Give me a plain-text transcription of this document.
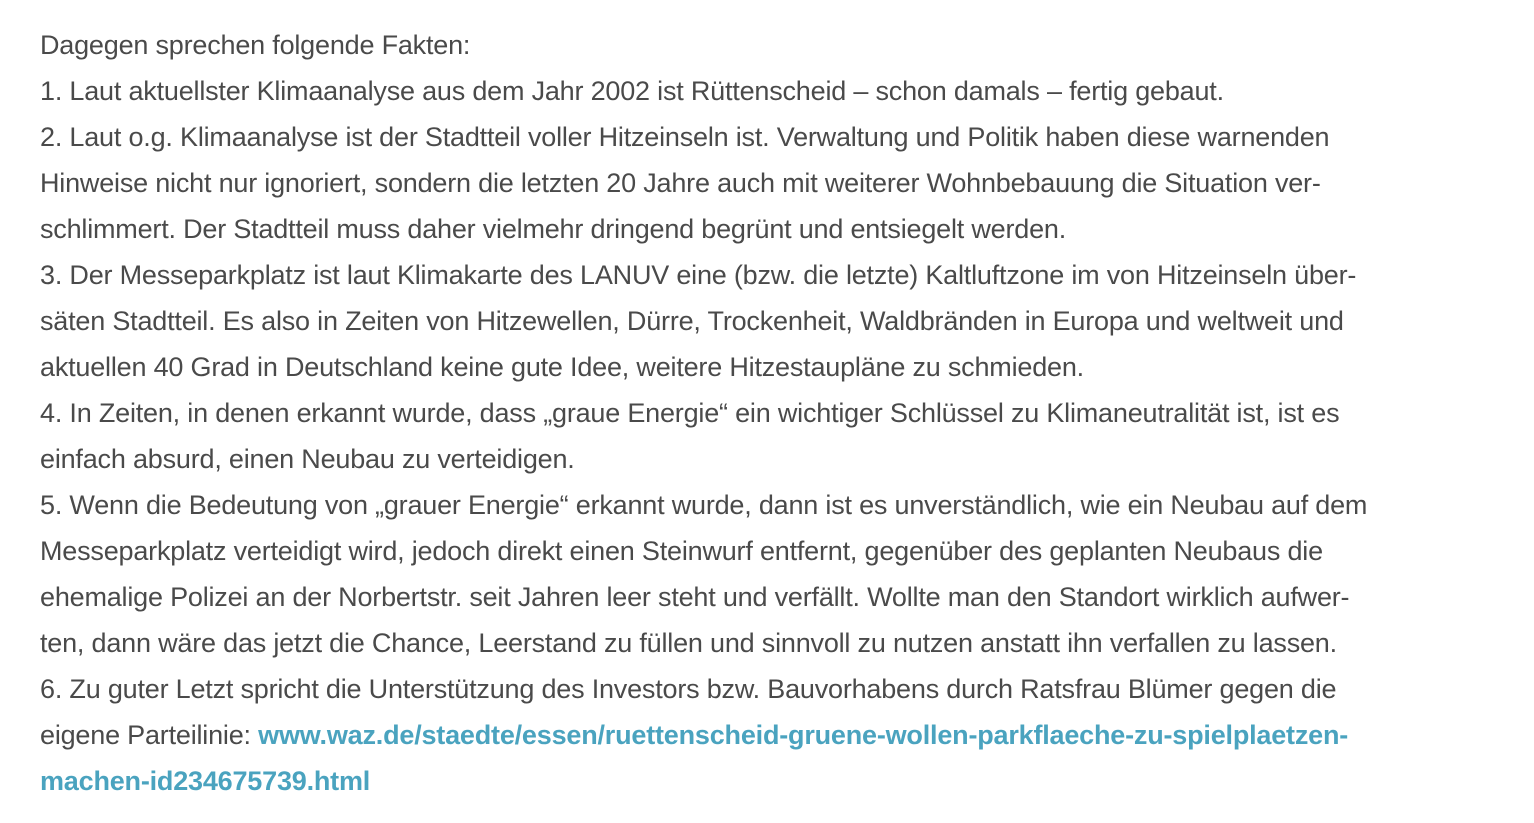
Dagegen sprechen folgende Fakten:
1. Laut aktuellster Klimaanalyse aus dem Jahr 2002 ist Rüttenscheid – schon damals – fertig gebaut.
2. Laut o.g. Klimaanalyse ist der Stadtteil voller Hitzeinseln ist. Verwaltung und Politik haben diese warnenden
Hinweise nicht nur ignoriert, sondern die letzten 20 Jahre auch mit weiterer Wohnbebauung die Situation ver-
schlimmert. Der Stadtteil muss daher vielmehr dringend begrünt und entsiegelt werden.
3. Der Messeparkplatz ist laut Klimakarte des LANUV eine (bzw. die letzte) Kaltluftzone im von Hitzeinseln über-
säten Stadtteil. Es also in Zeiten von Hitzewellen, Dürre, Trockenheit, Waldbränden in Europa und weltweit und
aktuellen 40 Grad in Deutschland keine gute Idee, weitere Hitzestaupläne zu schmieden.
4. In Zeiten, in denen erkannt wurde, dass „graue Energie“ ein wichtiger Schlüssel zu Klimaneutralität ist, ist es
einfach absurd, einen Neubau zu verteidigen.
5. Wenn die Bedeutung von „grauer Energie“ erkannt wurde, dann ist es unverständlich, wie ein Neubau auf dem
Messeparkplatz verteidigt wird, jedoch direkt einen Steinwurf entfernt, gegenüber des geplanten Neubaus die
ehemalige Polizei an der Norbertstr. seit Jahren leer steht und verfällt. Wollte man den Standort wirklich aufwer-
ten, dann wäre das jetzt die Chance, Leerstand zu füllen und sinnvoll zu nutzen anstatt ihn verfallen zu lassen.
6. Zu guter Letzt spricht die Unterstützung des Investors bzw. Bauvorhabens durch Ratsfrau Blümer gegen die
eigene Parteilinie: www.waz.de/staedte/essen/ruettenscheid-gruene-wollen-parkflaeche-zu-spielplaetzen-
machen-id234675739.html
